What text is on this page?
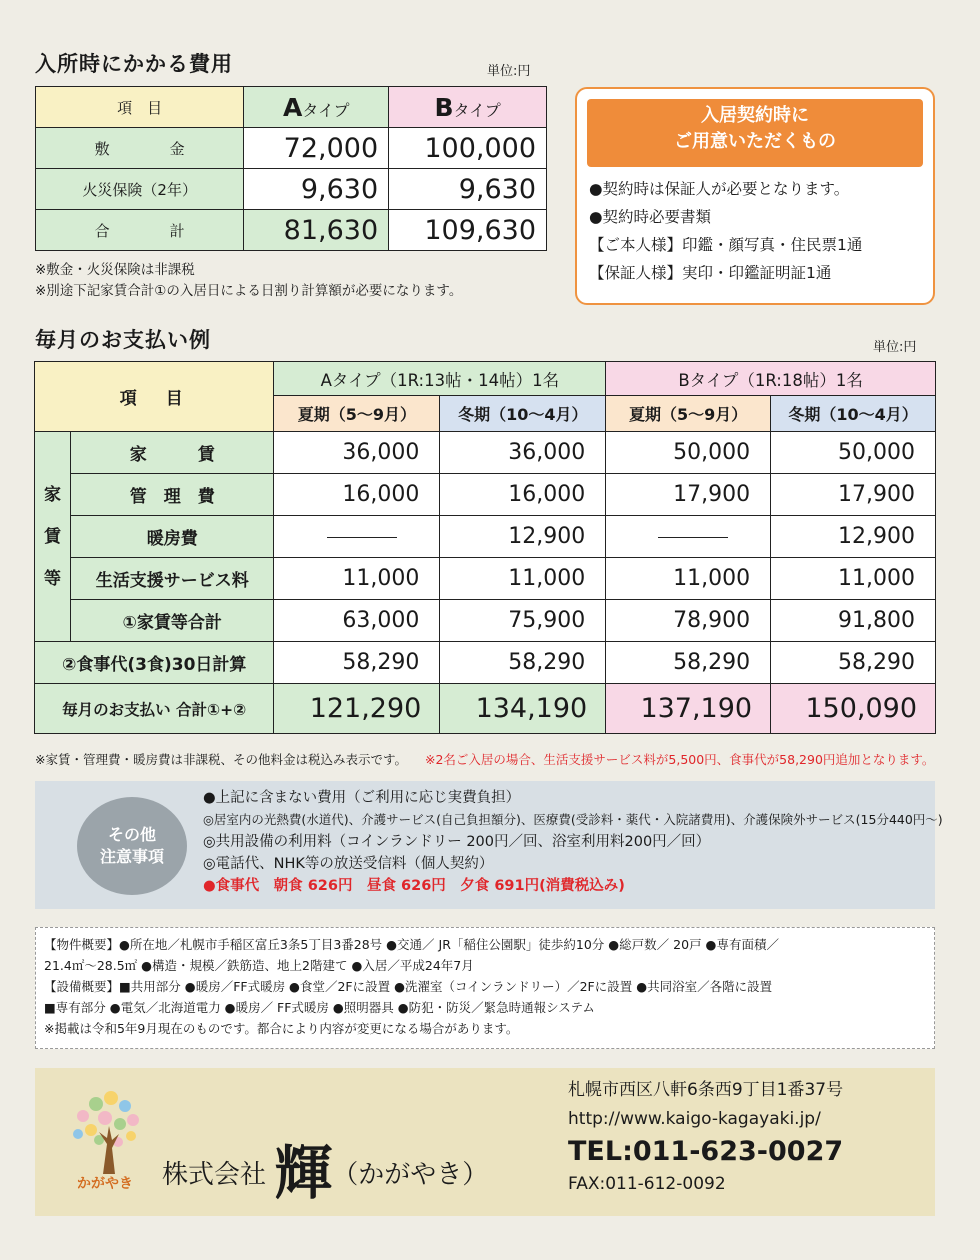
入所時にかかる費用	単位:円
項　目	Aタイプ	Bタイプ
敷　　　　金	72,000	100,000
火災保険（2年）	9,630	9,630
合　　　　計	81,630	109,630
※敷金・火災保険は非課税
※別途下記家賃合計①の入居日による日割り計算額が必要になります。
入居契約時に
ご用意いただくもの
●契約時は保証人が必要となります。
●契約時必要書類
【ご本人様】印鑑・顔写真・住民票1通
【保証人様】実印・印鑑証明証1通
毎月のお支払い例	単位:円
項　目		Aタイプ（1R:13帖・14帖）1名		Bタイプ（1R:18帖）1名	
		夏期（5〜9月）	冬期（10〜4月）	夏期（5〜9月）	冬期（10〜4月）

家
賃
等	家　　　賃	36,000	36,000	50,000	50,000
	管　理　費	16,000	16,000	17,900	17,900
	暖房費		12,900		12,900
	生活支援サービス料	11,000	11,000	11,000	11,000
	①家賃等合計	63,000	75,900	78,900	91,800
②食事代(3食)30日計算		58,290	58,290	58,290	58,290
毎月のお支払い 合計①+②		121,290	134,190	137,190	150,090
※家賃・管理費・暖房費は非課税、その他料金は税込み表示です。 ※2名ご入居の場合、生活支援サービス料が5,500円、食事代が58,290円追加となります。
その他
注意事項
●上記に含まない費用（ご利用に応じ実費負担）
◎居室内の光熱費(水道代)、介護サービス(自己負担額分)、医療費(受診料・薬代・入院諸費用)、介護保険外サービス(15分440円〜)
◎共用設備の利用料（コインランドリー 200円／回、浴室利用料200円／回）
◎電話代、NHK等の放送受信料（個人契約）
●食事代　朝食 626円　昼食 626円　夕食 691円(消費税込み)
【物件概要】●所在地／札幌市手稲区富丘3条5丁目3番28号 ●交通／ JR「稲住公園駅」徒歩約10分 ●総戸数／ 20戸 ●専有面積／
21.4㎡〜28.5㎡ ●構造・規模／鉄筋造、地上2階建て ●入居／平成24年7月
【設備概要】■共用部分 ●暖房／FF式暖房 ●食堂／2Fに設置 ●洗濯室（コインランドリー）／2Fに設置 ●共同浴室／各階に設置
■専有部分 ●電気／北海道電力 ●暖房／ FF式暖房 ●照明器具 ●防犯・防災／緊急時通報システム
※掲載は令和5年9月現在のものです。都合により内容が変更になる場合があります。
かがやき 株式会社 輝（かがやき）
札幌市西区八軒6条西9丁目1番37号
http://www.kaigo-kagayaki.jp/
TEL:011-623-0027
FAX:011-612-0092
